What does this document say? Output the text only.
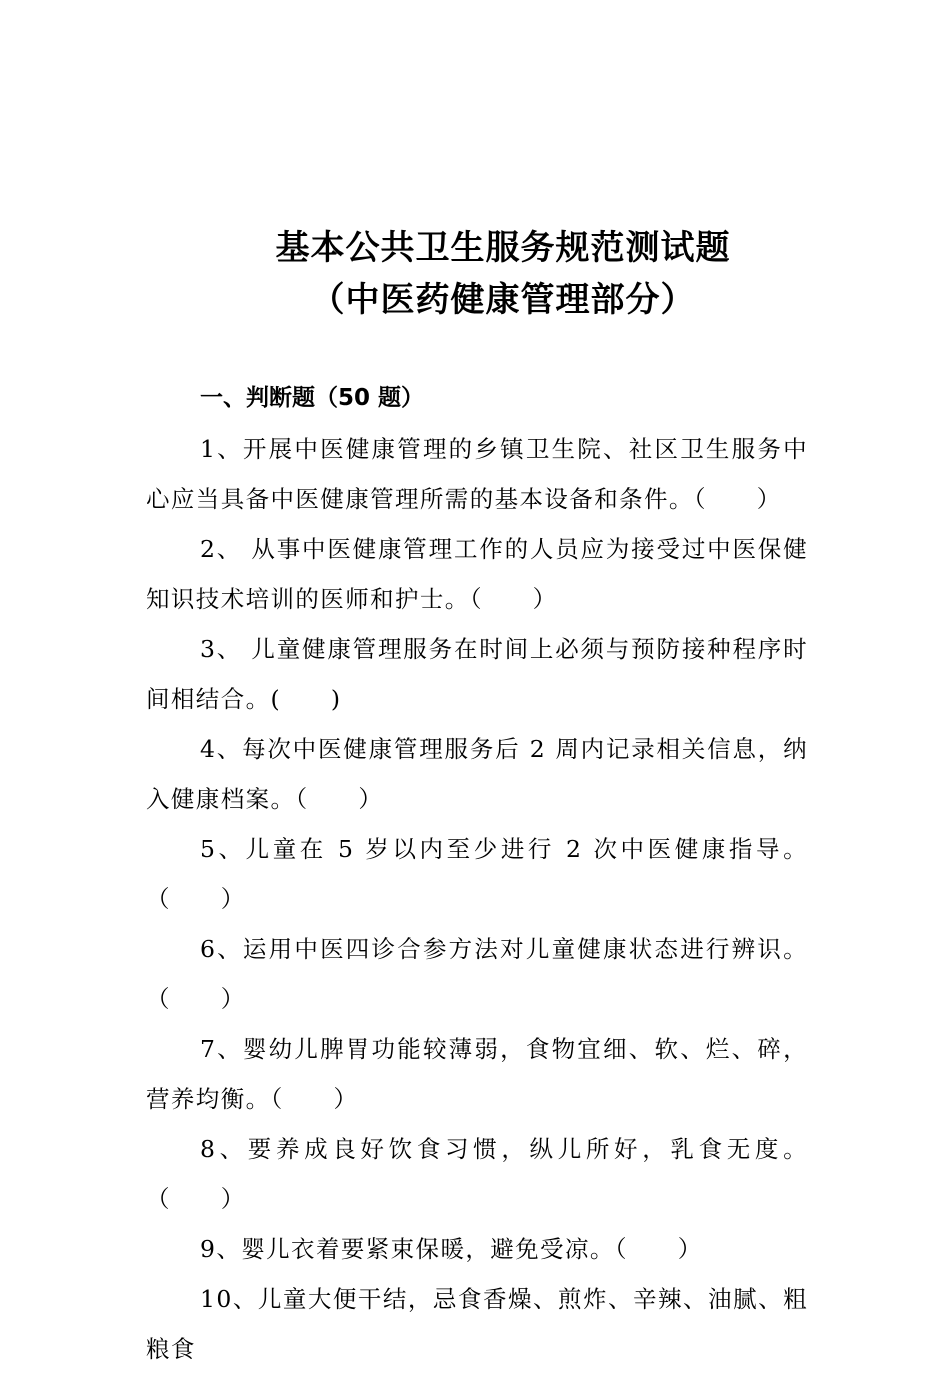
基本公共卫生服务规范测试题
（中医药健康管理部分）
一、判断题（50 题）

1、开展中医健康管理的乡镇卫生院、社区卫生服务中心应当具备中医健康管理所需的基本设备和条件。（　　）

2、 从事中医健康管理工作的人员应为接受过中医保健知识技术培训的医师和护士。（　　）

3、 儿童健康管理服务在时间上必须与预防接种程序时间相结合。(　　)

4、每次中医健康管理服务后 2 周内记录相关信息，纳入健康档案。（　　）

5、儿童在 5 岁以内至少进行 2 次中医健康指导。（　　）

6、运用中医四诊合参方法对儿童健康状态进行辨识。（　　）

7、婴幼儿脾胃功能较薄弱，食物宜细、软、烂、碎，营养均衡。（　　）

8、要养成良好饮食习惯，纵儿所好，乳食无度。（　　）

9、婴儿衣着要紧束保暖，避免受凉。（　　）

10、儿童大便干结，忌食香燥、煎炸、辛辣、油腻、粗粮食
